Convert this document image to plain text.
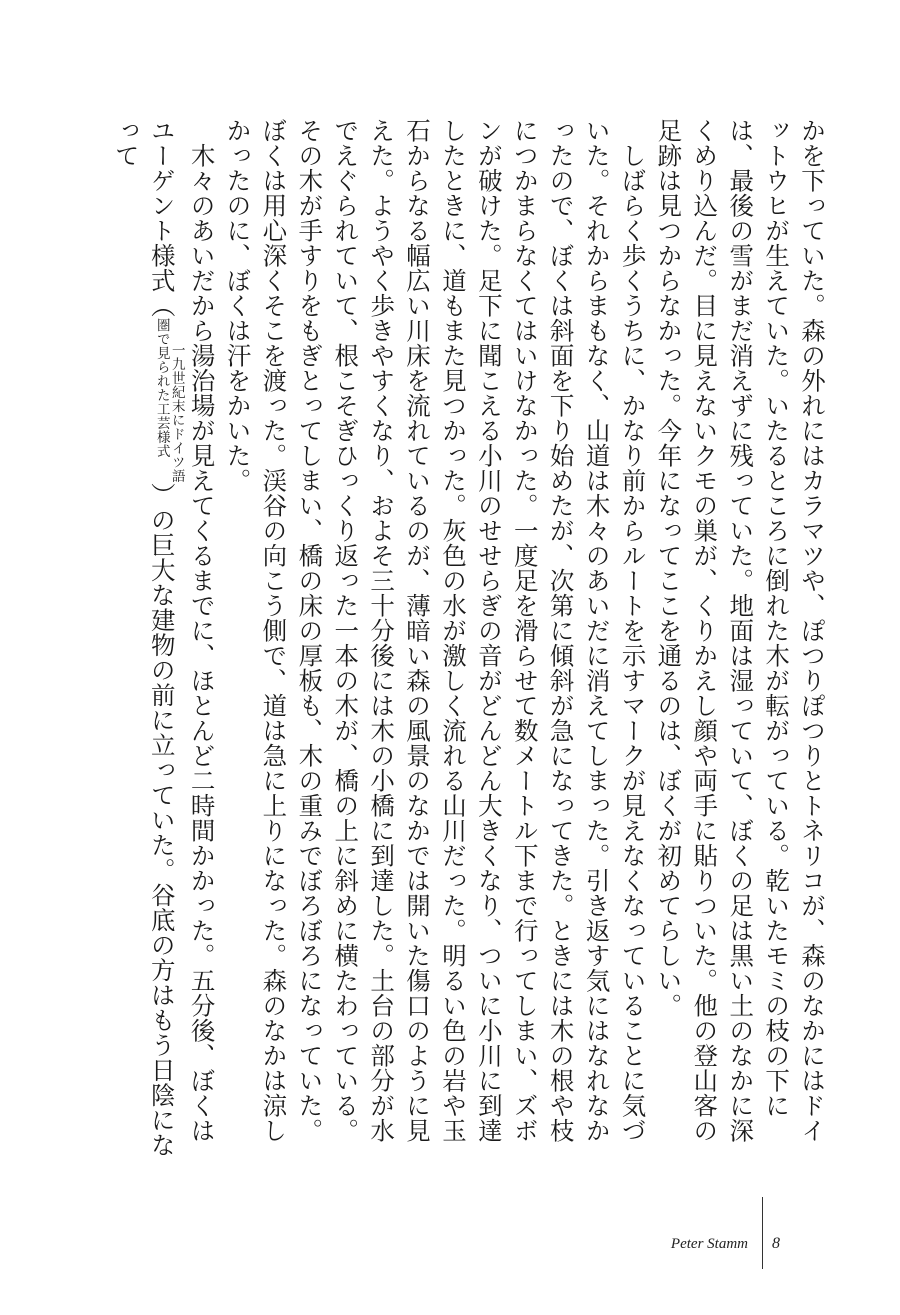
かを下っていた。森の外れにはカラマツや、ぽつりぽつりとトネリコが、森のなかにはドイットウヒが生えていた。いたるところに倒れた木が転がっている。乾いたモミの枝の下には、最後の雪がまだ消えずに残っていた。地面は湿っていて、ぼくの足は黒い土のなかに深くめり込んだ。目に見えないクモの巣が、くりかえし顔や両手に貼りついた。他の登山客の足跡は見つからなかった。今年になってここを通るのは、ぼくが初めてらしい。

しばらく歩くうちに、かなり前からルートを示すマークが見えなくなっていることに気づいた。それからまもなく、山道は木々のあいだに消えてしまった。引き返す気にはなれなかったので、ぼくは斜面を下り始めたが、次第に傾斜が急になってきた。ときには木の根や枝につかまらなくてはいけなかった。一度足を滑らせて数メートル下まで行ってしまい、ズボンが破けた。足下に聞こえる小川のせせらぎの音がどんどん大きくなり、ついに小川に到達したときに、道もまた見つかった。灰色の水が激しく流れる山川だった。明るい色の岩や玉石からなる幅広い川床を流れているのが、薄暗い森の風景のなかでは開いた傷口のように見えた。ようやく歩きやすくなり、およそ三十分後には木の小橋に到達した。土台の部分が水でえぐられていて、根こそぎひっくり返った一本の木が、橋の上に斜めに横たわっている。その木が手すりをもぎとってしまい、橋の床の厚板も、木の重みでぼろぼろになっていた。ぼくは用心深くそこを渡った。渓谷の向こう側で、道は急に上りになった。森のなかは涼しかったのに、ぼくは汗をかいた。

木々のあいだから湯治場が見えてくるまでに、ほとんど二時間かかった。五分後、ぼくはユーゲント様式（一九世紀末にドイツ語
圏で見られた工芸様式）の巨大な建物の前に立っていた。谷底の方はもう日陰になって

Peter Stamm 8
